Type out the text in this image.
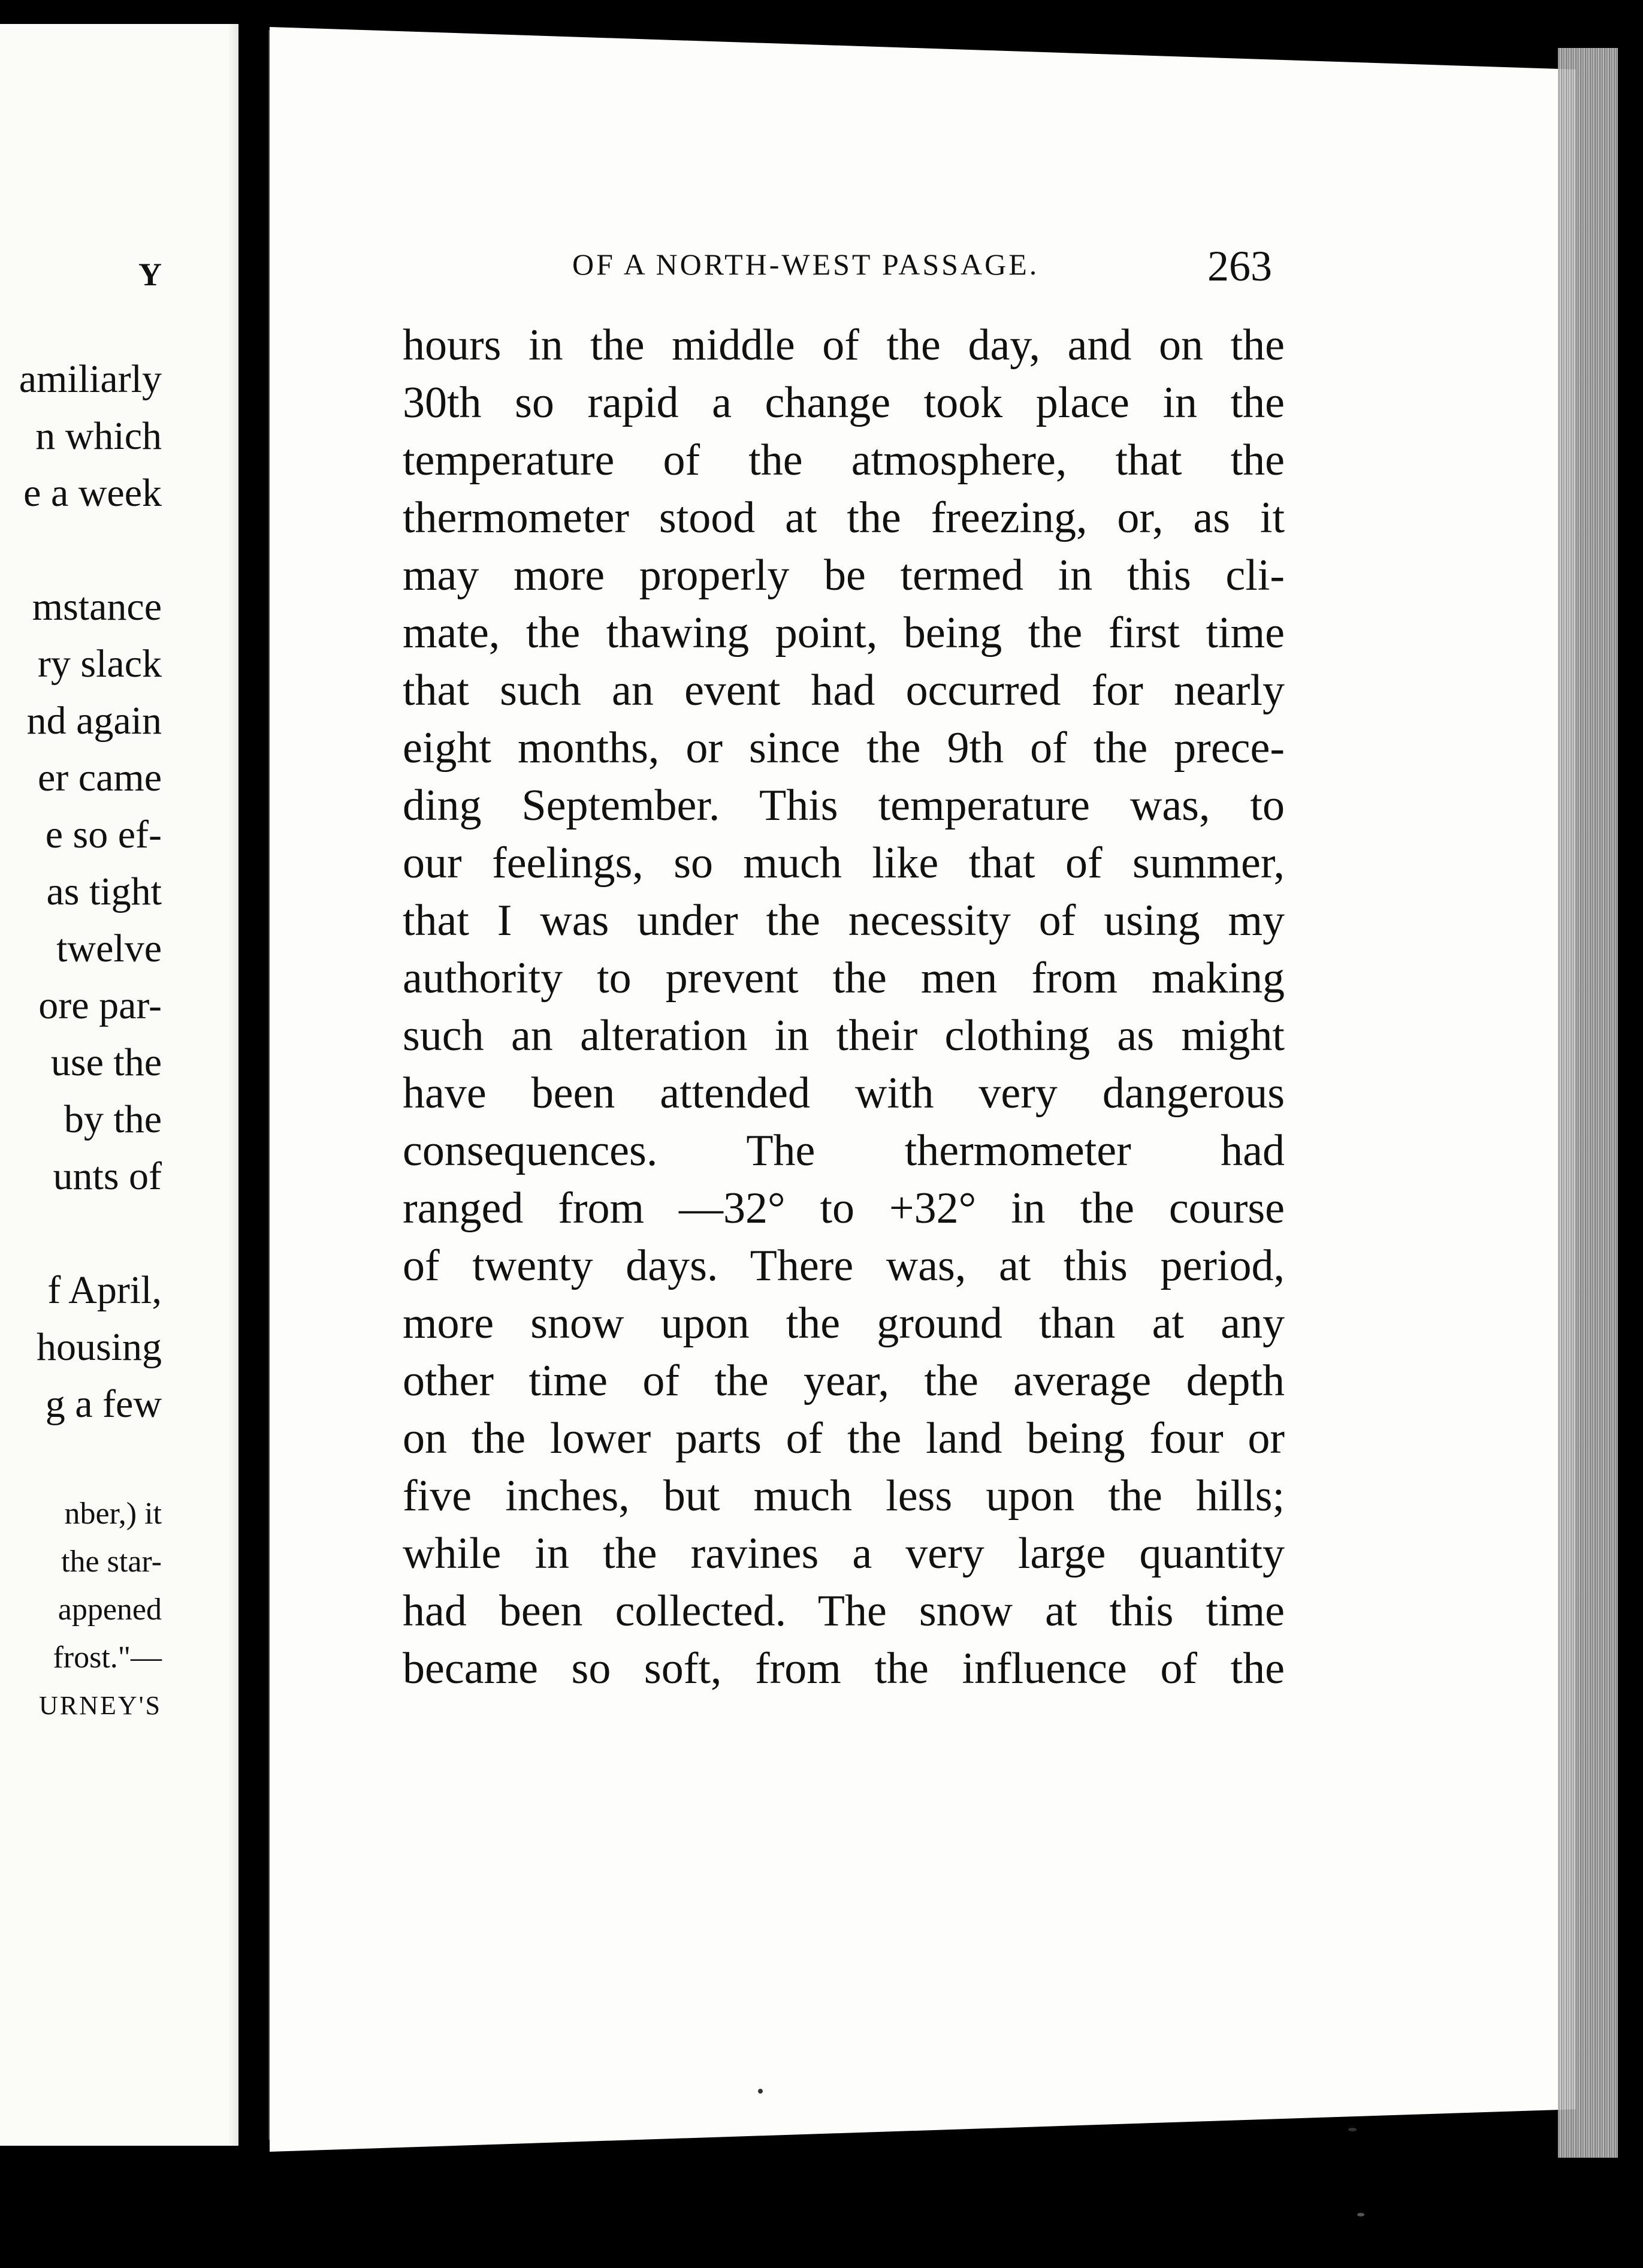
Y
amiliarly
n which
e a week
mstance
ry slack
nd again
er came
e so ef-
as tight
twelve
ore par-
use the
by the
unts of
f April,
housing
g a few
nber,) it
the star-
appened
frost."—
URNEY'S
OF A NORTH-WEST PASSAGE.	263
hours in the middle of the day, and on the
30th so rapid a change took place in the
temperature of the atmosphere, that the
thermometer stood at the freezing, or, as it
may more properly be termed in this cli-
mate, the thawing point, being the first time
that such an event had occurred for nearly
eight months, or since the 9th of the prece-
ding September. This temperature was, to
our feelings, so much like that of summer,
that I was under the necessity of using my
authority to prevent the men from making
such an alteration in their clothing as might
have been attended with very dangerous
consequences. The thermometer had
ranged from —32° to +32° in the course
of twenty days. There was, at this period,
more snow upon the ground than at any
other time of the year, the average depth
on the lower parts of the land being four or
five inches, but much less upon the hills;
while in the ravines a very large quantity
had been collected. The snow at this time
became so soft, from the influence of the
